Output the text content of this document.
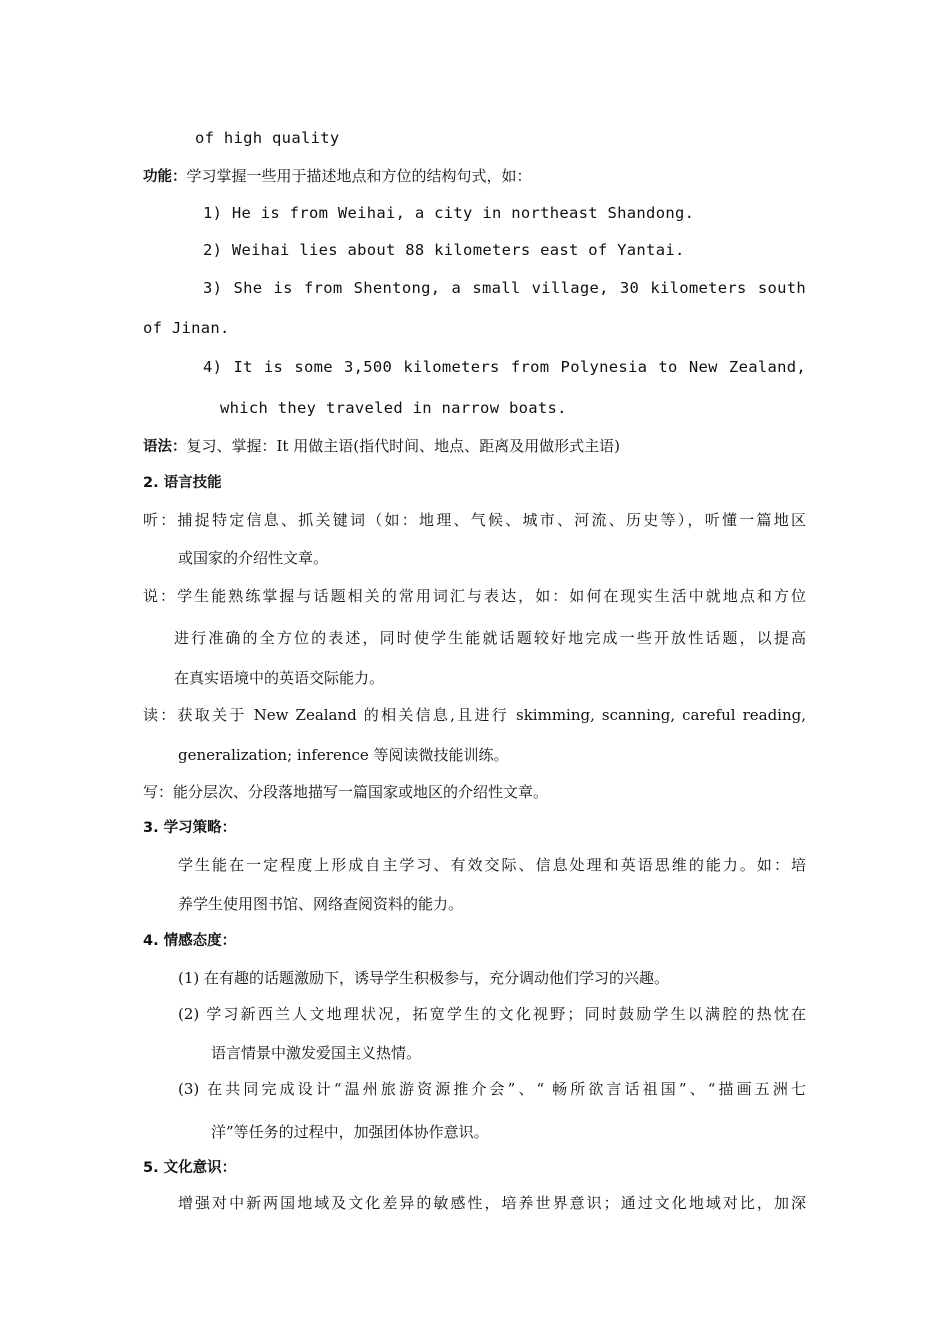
of high quality
功能：学习掌握一些用于描述地点和方位的结构句式，如：
1) He is from Weihai, a city in northeast Shandong.
2) Weihai lies about 88 kilometers east of Yantai.
3) She is from Shentong, a small village, 30 kilometers south
of Jinan.
4) It is some 3,500 kilometers from Polynesia to New Zealand,
which they traveled in narrow boats.
语法：复习、掌握：It 用做主语(指代时间、地点、距离及用做形式主语)
2. 语言技能
听：捕捉特定信息、抓关键词（如：地理、气候、城市、河流、历史等），听懂一篇地区
或国家的介绍性文章。
说：学生能熟练掌握与话题相关的常用词汇与表达，如：如何在现实生活中就地点和方位
进行准确的全方位的表述，同时使学生能就话题较好地完成一些开放性话题，以提高
在真实语境中的英语交际能力。
读：获取关于 New Zealand 的相关信息,且进行 skimming, scanning, careful reading,
generalization; inference 等阅读微技能训练。
写：能分层次、分段落地描写一篇国家或地区的介绍性文章。
3. 学习策略：
学生能在一定程度上形成自主学习、有效交际、信息处理和英语思维的能力。如：培
养学生使用图书馆、网络查阅资料的能力。
4. 情感态度：
(1) 在有趣的话题激励下，诱导学生积极参与，充分调动他们学习的兴趣。
(2) 学习新西兰人文地理状况，拓宽学生的文化视野；同时鼓励学生以满腔的热忱在
语言情景中激发爱国主义热情。
(3) 在共同完成设计“温州旅游资源推介会”、“ 畅所欲言话祖国”、“描画五洲七
洋”等任务的过程中，加强团体协作意识。
5. 文化意识：
增强对中新两国地域及文化差异的敏感性，培养世界意识；通过文化地域对比，加深
